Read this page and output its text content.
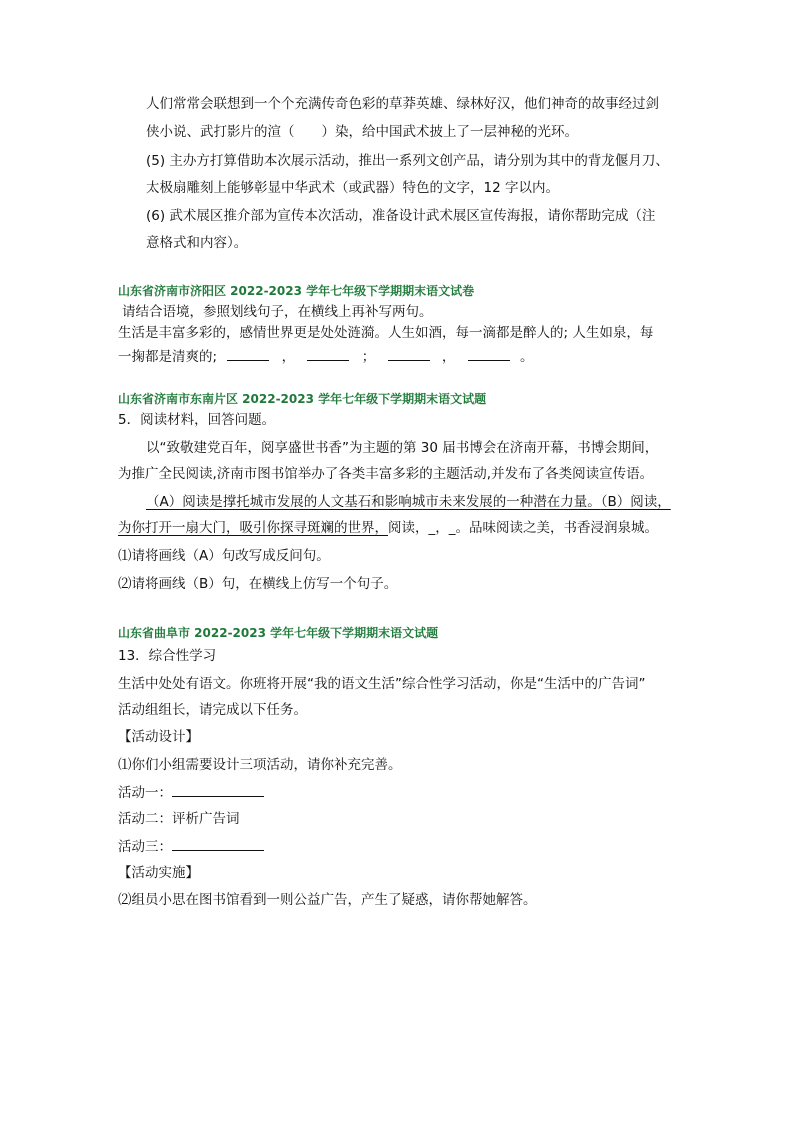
人们常常会联想到一个个充满传奇色彩的草莽英雄、绿林好汉，他们神奇的故事经过剑
侠小说、武打影片的渲（　　）染，给中国武术披上了一层神秘的光环。
(5) 主办方打算借助本次展示活动，推出一系列文创产品，请分别为其中的背龙偃月刀、
太极扇雕刻上能够彰显中华武术（或武器）特色的文字，12 字以内。
(6) 武术展区推介部为宣传本次活动，准备设计武术展区宣传海报，请你帮助完成（注
意格式和内容）。
山东省济南市济阳区 2022-2023 学年七年级下学期期末语文试卷
请结合语境，参照划线句子，在横线上再补写两句。
生活是丰富多彩的，感情世界更是处处涟漪。人生如酒，每一滴都是醉人的; 人生如泉，每
一掬都是清爽的;	，	；	，	。
山东省济南市东南片区 2022-2023 学年七年级下学期期末语文试题
5．阅读材料，回答问题。
以“致敬建党百年，阅享盛世书香”为主题的第 30 届书博会在济南开幕，书博会期间，
为推广全民阅读,济南市图书馆举办了各类丰富多彩的主题活动,并发布了各类阅读宣传语。
（A）阅读是撑托城市发展的人文基石和影响城市未来发展的一种潜在力量。（B）阅读，
为你打开一扇大门，吸引你探寻斑斓的世界，阅读，_，_。品味阅读之美，书香浸润泉城。
⑴请将画线（A）句改写成反问句。
⑵请将画线（B）句，在横线上仿写一个句子。
山东省曲阜市 2022-2023 学年七年级下学期期末语文试题
13．综合性学习
生活中处处有语文。你班将开展“我的语文生活”综合性学习活动，你是“生活中的广告词”
活动组组长，请完成以下任务。
【活动设计】
⑴你们小组需要设计三项活动，请你补充完善。
活动一：
活动二：评析广告词
活动三：
【活动实施】
⑵组员小思在图书馆看到一则公益广告，产生了疑惑，请你帮她解答。
